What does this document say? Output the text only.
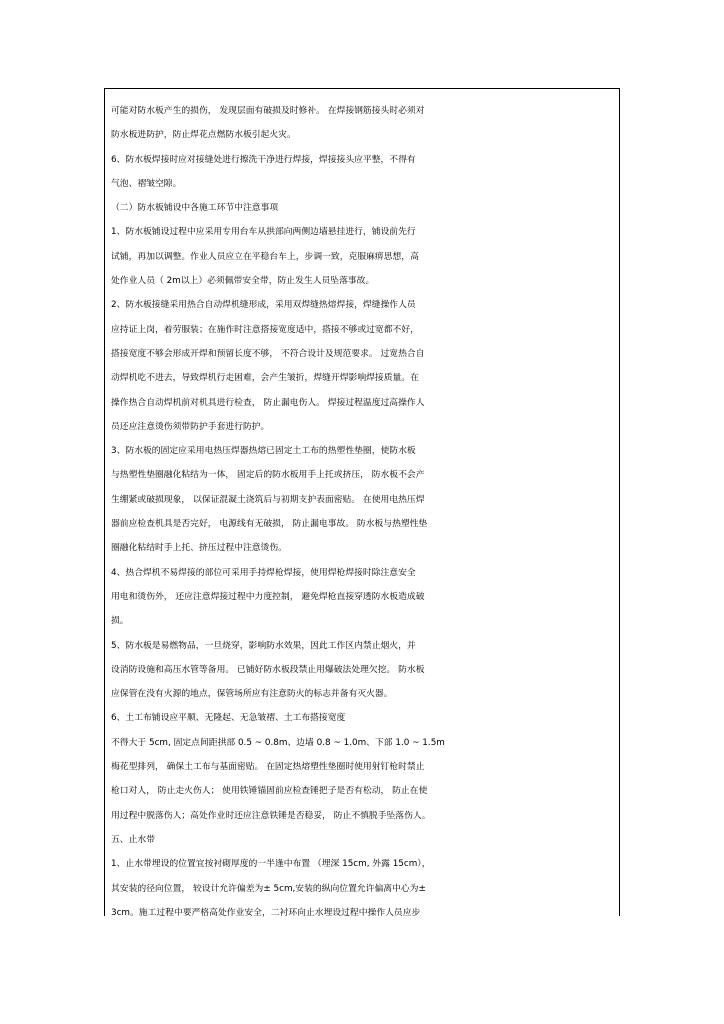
可能对防水板产生的损伤， 发现层面有破损及时修补。 在焊接钢筋接头时必须对
防水板进防护，防止焊花点燃防水板引起火灾。
6、防水板焊接时应对接缝处进行擦洗干净进行焊接，焊接接头应平整，不得有
气泡、褶皱空隙。
（二）防水板铺设中各施工环节中注意事项
1、防水板铺设过程中应采用专用台车从拱部向两侧边墙悬挂进行，铺设前先行
试铺，再加以调整。作业人员应立在平稳台车上，步调一致，克服麻痹思想，高
处作业人员（ 2m以上）必须佩带安全带，防止发生人员坠落事故。
2、防水板接缝采用热合自动焊机缝形成，采用双焊缝热熔焊接，焊缝操作人员
应持证上岗，着劳服装；在施作时注意搭接宽度适中，搭接不够或过宽都不好，
搭接宽度不够会形成开焊和预留长度不够， 不符合设计及规范要求。 过宽热合自
动焊机吃不进去，导致焊机行走困难，会产生皱折，焊缝开焊影响焊接质量。在
操作热合自动焊机前对机具进行检查， 防止漏电伤人。 焊接过程温度过高操作人
员还应注意烫伤须带防护手套进行防护。
3、防水板的固定应采用电热压焊器热熔已固定土工布的热塑性垫圈，使防水板
与热塑性垫圈融化粘结为一体， 固定后的防水板用手上托或挤压， 防水板不会产
生绷紧或破损现象， 以保证混凝土浇筑后与初期支护表面密贴。 在使用电热压焊
器前应检查机具是否完好， 电源线有无破损， 防止漏电事故。 防水板与热塑性垫
圈融化粘结时手上托、挤压过程中注意烫伤。
4、热合焊机不易焊接的部位可采用手持焊枪焊接，使用焊枪焊接时除注意安全
用电和烫伤外， 还应注意焊接过程中力度控制， 避免焊枪直接穿透防水板造成破
损。
5、防水板是易燃物品，一旦烧穿，影响防水效果，因此工作区内禁止烟火，并
设消防设施和高压水管等备用。 已铺好防水板段禁止用爆破法处理欠挖。 防水板
应保管在没有火源的地点，保管场所应有注意防火的标志并备有灭火器。
6、土工布铺设应平顺、无隆起、无急皱褶、土工布搭接宽度
不得大于 5cm, 固定点间距拱部 0.5 ~ 0.8m、边墙 0.8 ~ 1.0m、下部 1.0 ~ 1.5m
梅花型排列， 确保土工布与基面密贴。 在固定热熔塑性垫圈时使用射钉枪时禁止
枪口对人， 防止走火伤人； 使用铁锤锚固前应检查锤把子是否有松动， 防止在使
用过程中脱落伤人；高处作业时还应注意铁锤是否稳妥， 防止不慎脱手坠落伤人。
五、止水带
1、止水带埋设的位置宜按衬砌厚度的一半逢中布置 （埋深 15cm, 外露 15cm），
其安装的径向位置， 较设计允许偏差为± 5cm,安装的纵向位置允许偏离中心为±
3cm。施工过程中要严格高处作业安全，二衬环向止水埋设过程中操作人员应步
